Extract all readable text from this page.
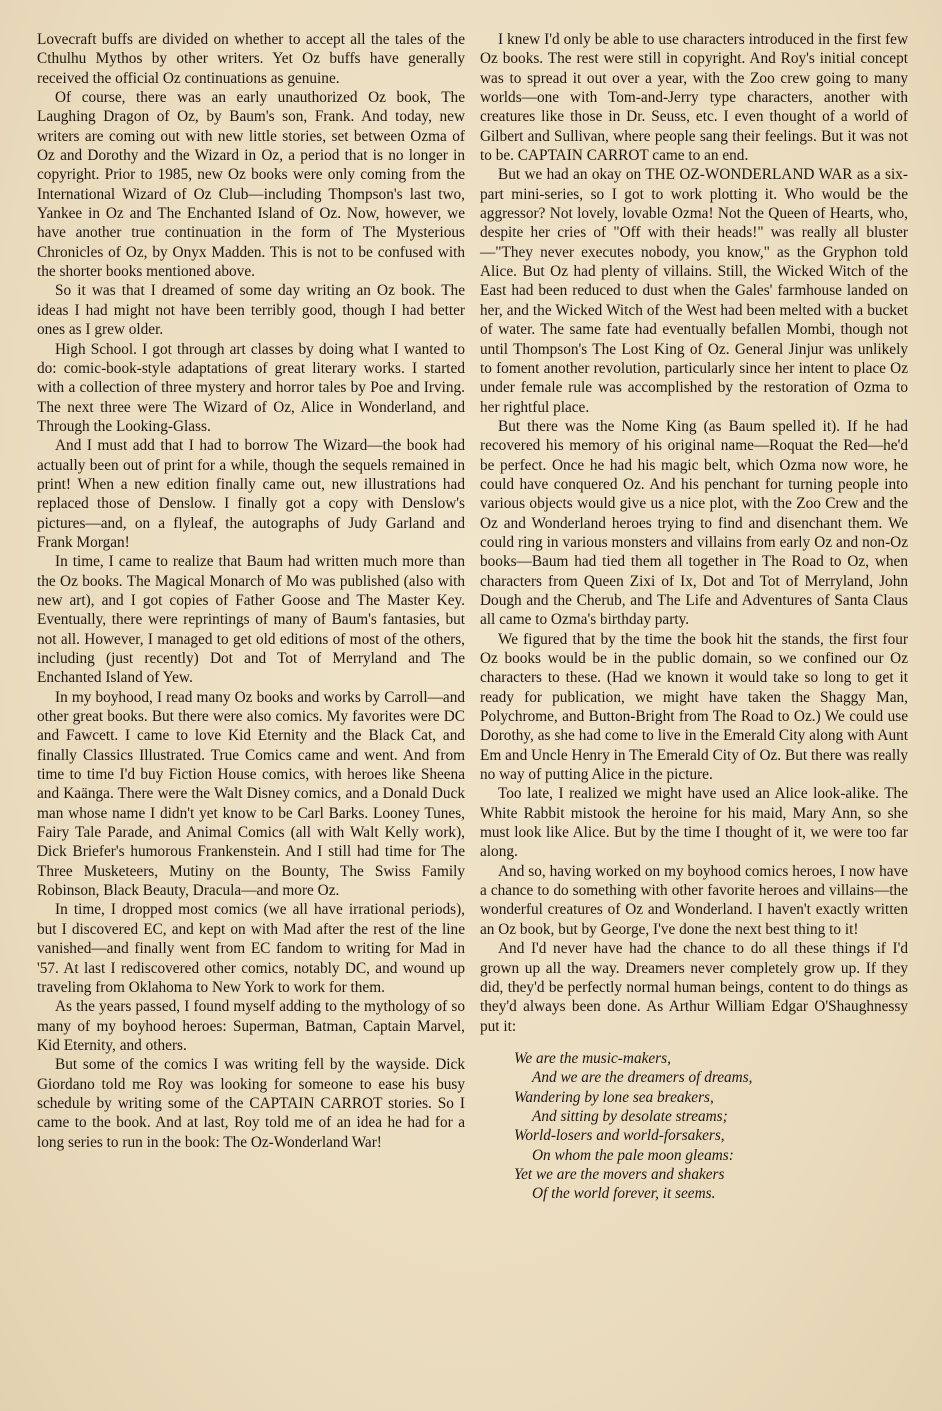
Lovecraft buffs are divided on whether to accept all the tales of the Cthulhu Mythos by other writers. Yet Oz buffs have generally received the official Oz continuations as genuine.

Of course, there was an early unauthorized Oz book, The Laughing Dragon of Oz, by Baum's son, Frank. And today, new writers are coming out with new little stories, set between Ozma of Oz and Dorothy and the Wizard in Oz, a period that is no longer in copyright. Prior to 1985, new Oz books were only coming from the International Wizard of Oz Club—including Thompson's last two, Yankee in Oz and The Enchanted Island of Oz. Now, however, we have another true continuation in the form of The Mysterious Chronicles of Oz, by Onyx Madden. This is not to be confused with the shorter books mentioned above.

So it was that I dreamed of some day writing an Oz book. The ideas I had might not have been terribly good, though I had better ones as I grew older.

High School. I got through art classes by doing what I wanted to do: comic-book-style adaptations of great literary works. I started with a collection of three mystery and horror tales by Poe and Irving. The next three were The Wizard of Oz, Alice in Wonderland, and Through the Looking-Glass.

And I must add that I had to borrow The Wizard—the book had actually been out of print for a while, though the sequels remained in print! When a new edition finally came out, new illustrations had replaced those of Denslow. I finally got a copy with Denslow's pictures—and, on a flyleaf, the autographs of Judy Garland and Frank Morgan!

In time, I came to realize that Baum had written much more than the Oz books. The Magical Monarch of Mo was published (also with new art), and I got copies of Father Goose and The Master Key. Eventually, there were reprintings of many of Baum's fantasies, but not all. However, I managed to get old editions of most of the others, including (just recently) Dot and Tot of Merryland and The Enchanted Island of Yew.

In my boyhood, I read many Oz books and works by Carroll—and other great books. But there were also comics. My favorites were DC and Fawcett. I came to love Kid Eternity and the Black Cat, and finally Classics Illustrated. True Comics came and went. And from time to time I'd buy Fiction House comics, with heroes like Sheena and Kaänga. There were the Walt Disney comics, and a Donald Duck man whose name I didn't yet know to be Carl Barks. Looney Tunes, Fairy Tale Parade, and Animal Comics (all with Walt Kelly work), Dick Briefer's humorous Frankenstein. And I still had time for The Three Musketeers, Mutiny on the Bounty, The Swiss Family Robinson, Black Beauty, Dracula—and more Oz.

In time, I dropped most comics (we all have irrational periods), but I discovered EC, and kept on with Mad after the rest of the line vanished—and finally went from EC fandom to writing for Mad in '57. At last I rediscovered other comics, notably DC, and wound up traveling from Oklahoma to New York to work for them.

As the years passed, I found myself adding to the mythology of so many of my boyhood heroes: Superman, Batman, Captain Marvel, Kid Eternity, and others.

But some of the comics I was writing fell by the wayside. Dick Giordano told me Roy was looking for someone to ease his busy schedule by writing some of the CAPTAIN CARROT stories. So I came to the book. And at last, Roy told me of an idea he had for a long series to run in the book: The Oz-Wonderland War!

I knew I'd only be able to use characters introduced in the first few Oz books. The rest were still in copyright. And Roy's initial concept was to spread it out over a year, with the Zoo crew going to many worlds—one with Tom-and-Jerry type characters, another with creatures like those in Dr. Seuss, etc. I even thought of a world of Gilbert and Sullivan, where people sang their feelings. But it was not to be. CAPTAIN CARROT came to an end.

But we had an okay on THE OZ-WONDERLAND WAR as a six-part mini-series, so I got to work plotting it. Who would be the aggressor? Not lovely, lovable Ozma! Not the Queen of Hearts, who, despite her cries of "Off with their heads!" was really all bluster—"They never executes nobody, you know," as the Gryphon told Alice. But Oz had plenty of villains. Still, the Wicked Witch of the East had been reduced to dust when the Gales' farmhouse landed on her, and the Wicked Witch of the West had been melted with a bucket of water. The same fate had eventually befallen Mombi, though not until Thompson's The Lost King of Oz. General Jinjur was unlikely to foment another revolution, particularly since her intent to place Oz under female rule was accomplished by the restoration of Ozma to her rightful place.

But there was the Nome King (as Baum spelled it). If he had recovered his memory of his original name—Roquat the Red—he'd be perfect. Once he had his magic belt, which Ozma now wore, he could have conquered Oz. And his penchant for turning people into various objects would give us a nice plot, with the Zoo Crew and the Oz and Wonderland heroes trying to find and disenchant them. We could ring in various monsters and villains from early Oz and non-Oz books—Baum had tied them all together in The Road to Oz, when characters from Queen Zixi of Ix, Dot and Tot of Merryland, John Dough and the Cherub, and The Life and Adventures of Santa Claus all came to Ozma's birthday party.

We figured that by the time the book hit the stands, the first four Oz books would be in the public domain, so we confined our Oz characters to these. (Had we known it would take so long to get it ready for publication, we might have taken the Shaggy Man, Polychrome, and Button-Bright from The Road to Oz.) We could use Dorothy, as she had come to live in the Emerald City along with Aunt Em and Uncle Henry in The Emerald City of Oz. But there was really no way of putting Alice in the picture.

Too late, I realized we might have used an Alice look-alike. The White Rabbit mistook the heroine for his maid, Mary Ann, so she must look like Alice. But by the time I thought of it, we were too far along.

And so, having worked on my boyhood comics heroes, I now have a chance to do something with other favorite heroes and villains—the wonderful creatures of Oz and Wonderland. I haven't exactly written an Oz book, but by George, I've done the next best thing to it!

And I'd never have had the chance to do all these things if I'd grown up all the way. Dreamers never completely grow up. If they did, they'd be perfectly normal human beings, content to do things as they'd always been done. As Arthur William Edgar O'Shaughnessy put it:

We are the music-makers,
And we are the dreamers of dreams,
Wandering by lone sea breakers,
And sitting by desolate streams;
World-losers and world-forsakers,
On whom the pale moon gleams:
Yet we are the movers and shakers
Of the world forever, it seems.
